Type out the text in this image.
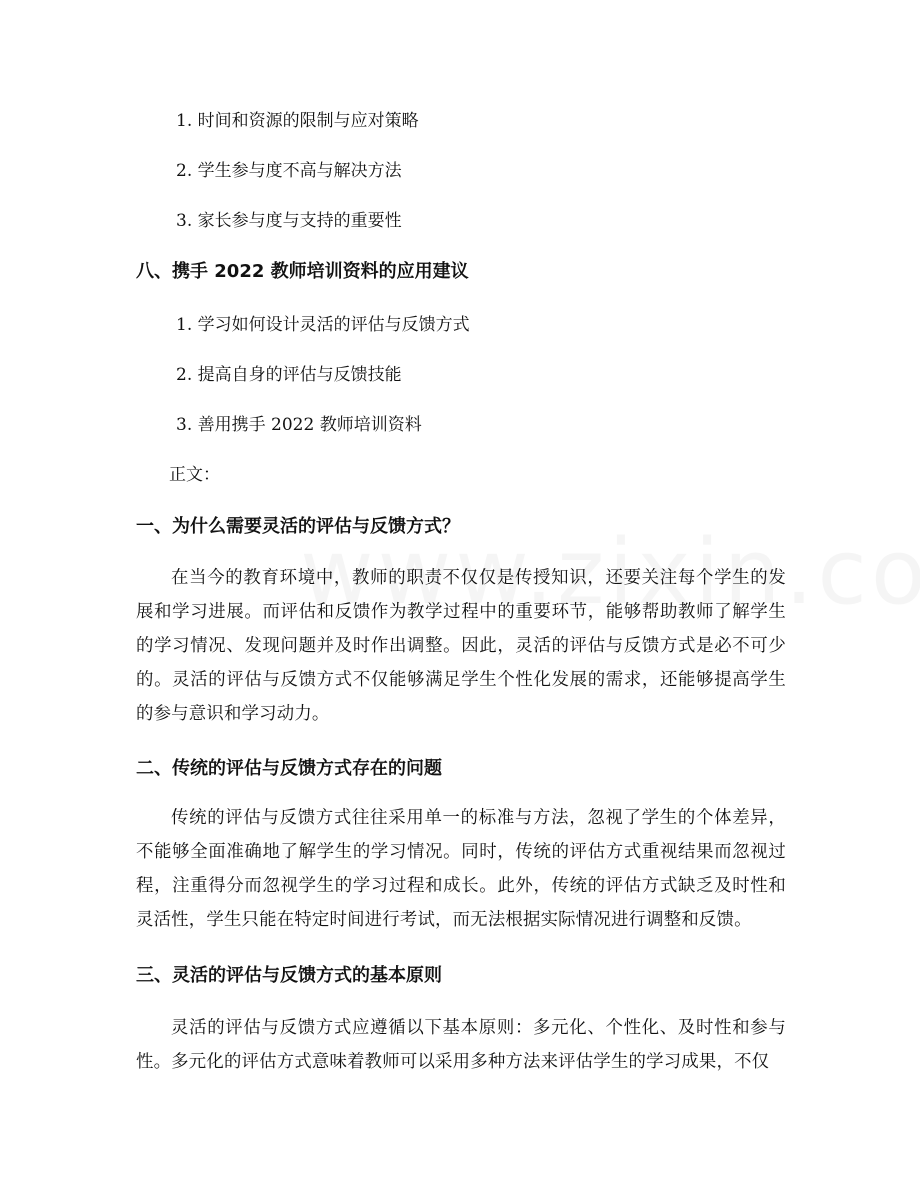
1. 时间和资源的限制与应对策略
2. 学生参与度不高与解决方法
3. 家长参与度与支持的重要性
八、携手 2022 教师培训资料的应用建议
1. 学习如何设计灵活的评估与反馈方式
2. 提高自身的评估与反馈技能
3. 善用携手 2022 教师培训资料
正文：
一、为什么需要灵活的评估与反馈方式？
在当今的教育环境中，教师的职责不仅仅是传授知识，还要关注每个学生的发展和学习进展。而评估和反馈作为教学过程中的重要环节，能够帮助教师了解学生的学习情况、发现问题并及时作出调整。因此，灵活的评估与反馈方式是必不可少的。灵活的评估与反馈方式不仅能够满足学生个性化发展的需求，还能够提高学生的参与意识和学习动力。
二、传统的评估与反馈方式存在的问题
传统的评估与反馈方式往往采用单一的标准与方法，忽视了学生的个体差异，不能够全面准确地了解学生的学习情况。同时，传统的评估方式重视结果而忽视过程，注重得分而忽视学生的学习过程和成长。此外，传统的评估方式缺乏及时性和灵活性，学生只能在特定时间进行考试，而无法根据实际情况进行调整和反馈。
三、灵活的评估与反馈方式的基本原则
灵活的评估与反馈方式应遵循以下基本原则：多元化、个性化、及时性和参与性。多元化的评估方式意味着教师可以采用多种方法来评估学生的学习成果，不仅
